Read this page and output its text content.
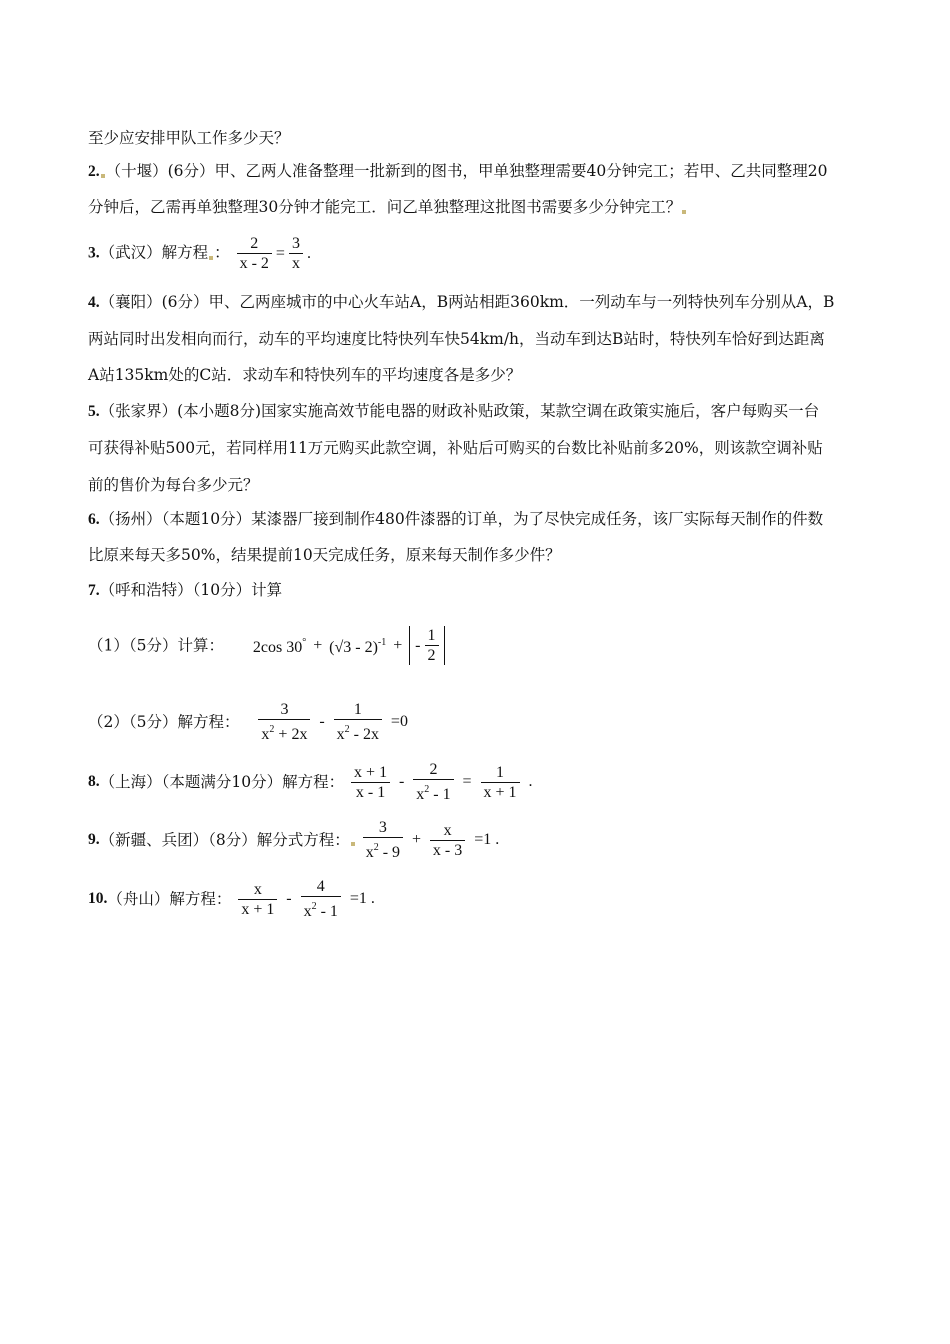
至少应安排甲队工作多少天？
2. （十堰）(6分）甲、乙两人准备整理一批新到的图书，甲单独整理需要40分钟完工；若甲、乙共同整理20
分钟后，乙需再单独整理30分钟才能完工．问乙单独整理这批图书需要多少分钟完工？
3.（武汉）解方程 ： $\frac{2}{x - 2} = \frac{3}{x}$ .
4.（襄阳）(6分）甲、乙两座城市的中心火车站A，B两站相距360km．一列动车与一列特快列车分别从A，B
两站同时出发相向而行，动车的平均速度比特快列车快54km/h，当动车到达B站时，特快列车恰好到达距离
A站135km处的C站．求动车和特快列车的平均速度各是多少？
5.（张家界）(本小题8分)国家实施高效节能电器的财政补贴政策，某款空调在政策实施后，客户每购买一台
可获得补贴500元，若同样用11万元购买此款空调，补贴后可购买的台数比补贴前多20%，则该款空调补贴
前的售价为每台多少元？
6.（扬州）（本题10分）某漆器厂接到制作480件漆器的订单，为了尽快完成任务，该厂实际每天制作的件数
比原来每天多50%，结果提前10天完成任务，原来每天制作多少件？
7.（呼和浩特）（10分）计算
（1）（5分）计算： 2cos 30° + (√3 - 2)$^{-1}$ + - $\frac{1}{2}$
（2）（5分）解方程： $\frac{3}{x^2 + 2x} - \frac{1}{x^2 - 2x} =0$
8.（上海）（本题满分10分）解方程： $\frac{x + 1}{x - 1} - \frac{2}{x^2 - 1} = \frac{1}{x + 1}$ .
9.（新疆、兵团）（8分）解分式方程： $\frac{3}{x^2 - 9} + \frac{x}{x - 3} =1$ .
10.（舟山）解方程： $\frac{x}{x + 1} - \frac{4}{x^2 - 1} =1$ .
